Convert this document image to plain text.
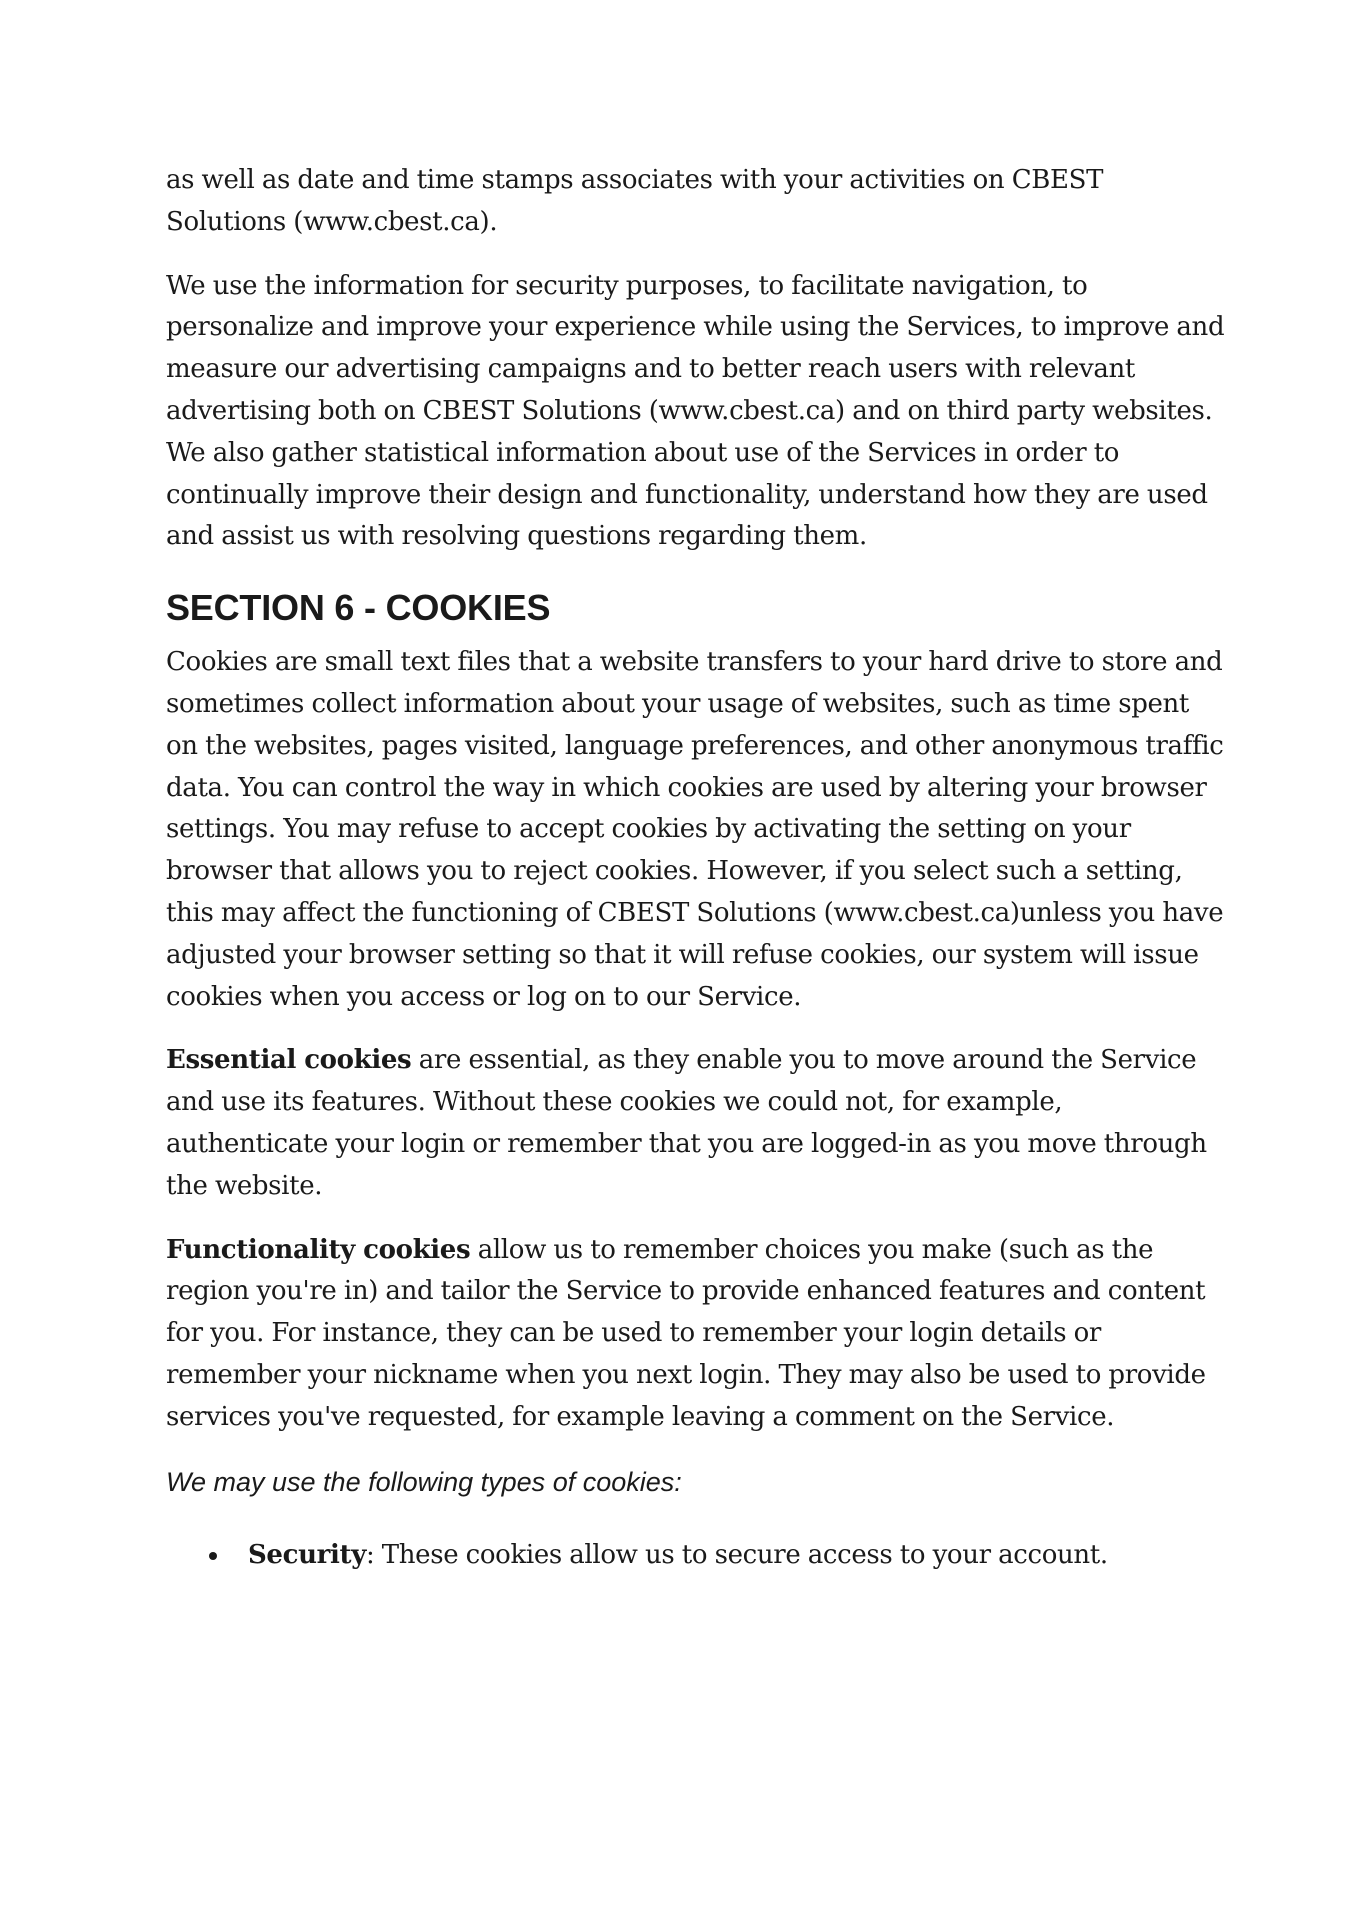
as well as date and time stamps associates with your activities on CBEST Solutions (www.cbest.ca).

We use the information for security purposes, to facilitate navigation, to personalize and improve your experience while using the Services, to improve and measure our advertising campaigns and to better reach users with relevant advertising both on CBEST Solutions (www.cbest.ca) and on third party websites. We also gather statistical information about use of the Services in order to continually improve their design and functionality, understand how they are used and assist us with resolving questions regarding them.

SECTION 6 - COOKIES

Cookies are small text files that a website transfers to your hard drive to store and sometimes collect information about your usage of websites, such as time spent on the websites, pages visited, language preferences, and other anonymous traffic data. You can control the way in which cookies are used by altering your browser settings. You may refuse to accept cookies by activating the setting on your browser that allows you to reject cookies. However, if you select such a setting, this may affect the functioning of CBEST Solutions (www.cbest.ca)unless you have adjusted your browser setting so that it will refuse cookies, our system will issue cookies when you access or log on to our Service.

Essential cookies are essential, as they enable you to move around the Service and use its features. Without these cookies we could not, for example, authenticate your login or remember that you are logged-in as you move through the website.

Functionality cookies allow us to remember choices you make (such as the region you're in) and tailor the Service to provide enhanced features and content for you. For instance, they can be used to remember your login details or remember your nickname when you next login. They may also be used to provide services you've requested, for example leaving a comment on the Service.

We may use the following types of cookies:

Security: These cookies allow us to secure access to your account.
